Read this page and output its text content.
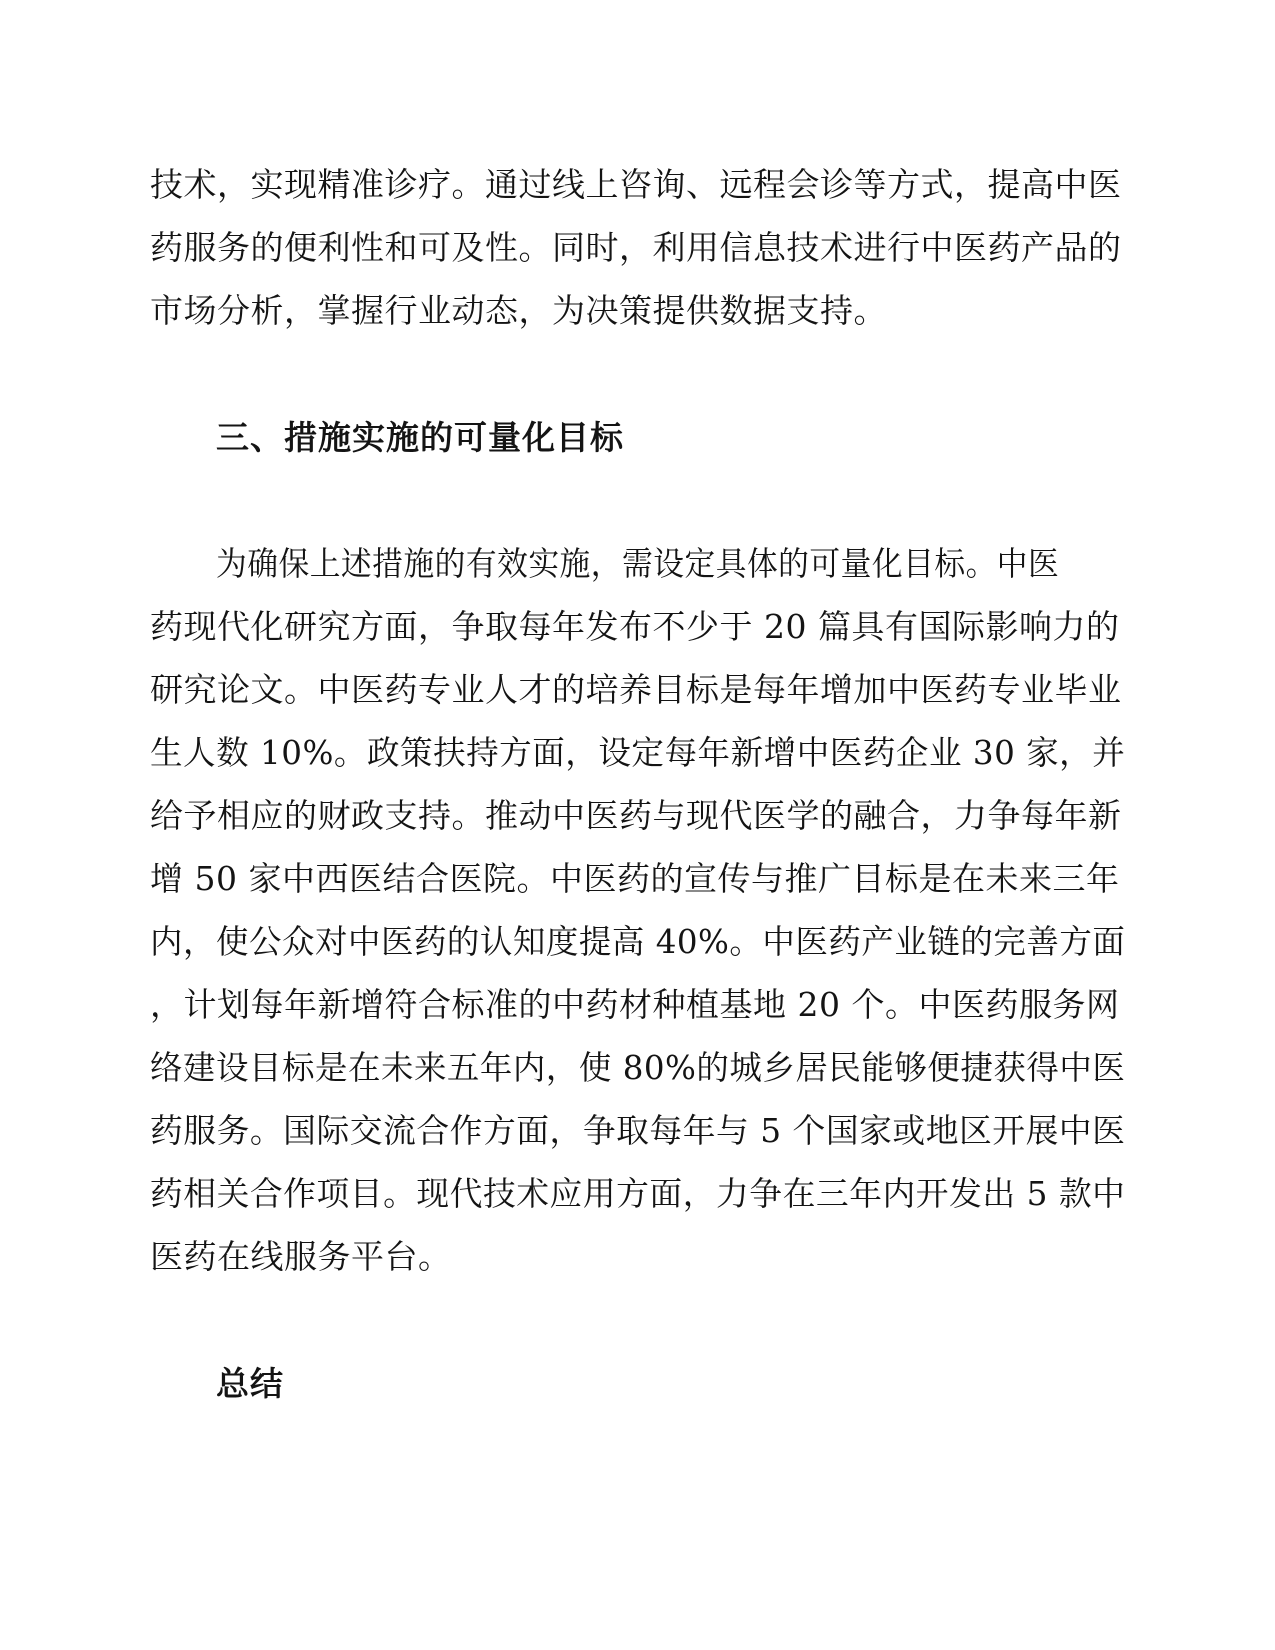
技术，实现精准诊疗。通过线上咨询、远程会诊等方式，提高中医
药服务的便利性和可及性。同时，利用信息技术进行中医药产品的
市场分析，掌握行业动态，为决策提供数据支持。
三、措施实施的可量化目标
为确保上述措施的有效实施，需设定具体的可量化目标。中医
药现代化研究方面，争取每年发布不少于 20 篇具有国际影响力的
研究论文。中医药专业人才的培养目标是每年增加中医药专业毕业
生人数 10%。政策扶持方面，设定每年新增中医药企业 30 家，并
给予相应的财政支持。推动中医药与现代医学的融合，力争每年新
增 50 家中西医结合医院。中医药的宣传与推广目标是在未来三年
内，使公众对中医药的认知度提高 40%。中医药产业链的完善方面
，计划每年新增符合标准的中药材种植基地 20 个。中医药服务网
络建设目标是在未来五年内，使 80%的城乡居民能够便捷获得中医
药服务。国际交流合作方面，争取每年与 5 个国家或地区开展中医
药相关合作项目。现代技术应用方面，力争在三年内开发出 5 款中
医药在线服务平台。
总结
